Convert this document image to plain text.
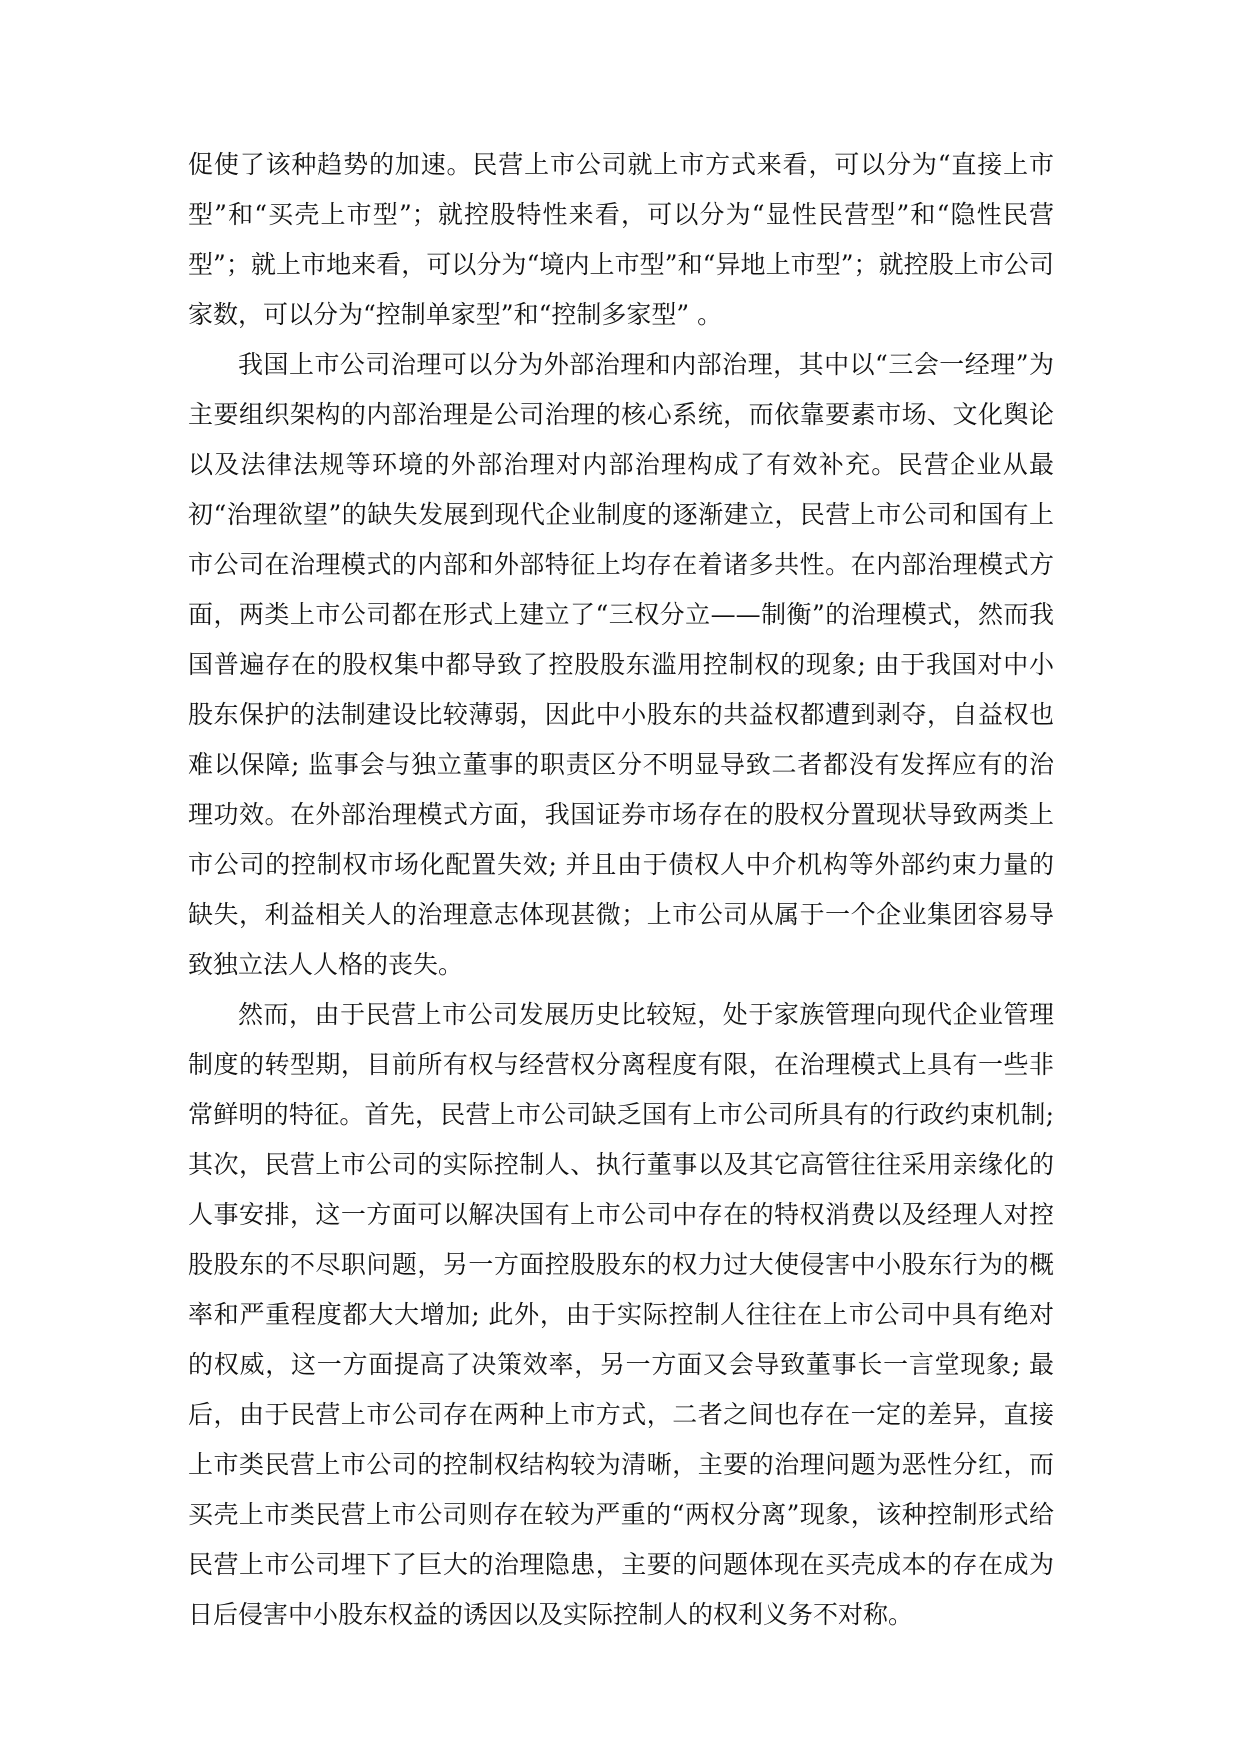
促使了该种趋势的加速。民营上市公司就上市方式来看，可以分为“直接上市型”和“买壳上市型”；就控股特性来看，可以分为“显性民营型”和“隐性民营型”；就上市地来看，可以分为“境内上市型”和“异地上市型”；就控股上市公司家数，可以分为“控制单家型”和“控制多家型” 。

我国上市公司治理可以分为外部治理和内部治理，其中以“三会一经理”为主要组织架构的内部治理是公司治理的核心系统，而依靠要素市场、文化舆论以及法律法规等环境的外部治理对内部治理构成了有效补充。民营企业从最初“治理欲望”的缺失发展到现代企业制度的逐渐建立，民营上市公司和国有上市公司在治理模式的内部和外部特征上均存在着诸多共性。在内部治理模式方面，两类上市公司都在形式上建立了“三权分立——制衡”的治理模式，然而我国普遍存在的股权集中都导致了控股股东滥用控制权的现象; 由于我国对中小股东保护的法制建设比较薄弱，因此中小股东的共益权都遭到剥夺，自益权也难以保障; 监事会与独立董事的职责区分不明显导致二者都没有发挥应有的治理功效。在外部治理模式方面，我国证券市场存在的股权分置现状导致两类上市公司的控制权市场化配置失效; 并且由于债权人中介机构等外部约束力量的缺失，利益相关人的治理意志体现甚微；上市公司从属于一个企业集团容易导致独立法人人格的丧失。

然而，由于民营上市公司发展历史比较短，处于家族管理向现代企业管理制度的转型期，目前所有权与经营权分离程度有限，在治理模式上具有一些非常鲜明的特征。首先，民营上市公司缺乏国有上市公司所具有的行政约束机制; 其次，民营上市公司的实际控制人、执行董事以及其它高管往往采用亲缘化的人事安排，这一方面可以解决国有上市公司中存在的特权消费以及经理人对控股股东的不尽职问题，另一方面控股股东的权力过大使侵害中小股东行为的概率和严重程度都大大增加; 此外，由于实际控制人往往在上市公司中具有绝对的权威，这一方面提高了决策效率，另一方面又会导致董事长一言堂现象; 最后，由于民营上市公司存在两种上市方式，二者之间也存在一定的差异，直接上市类民营上市公司的控制权结构较为清晰，主要的治理问题为恶性分红，而买壳上市类民营上市公司则存在较为严重的“两权分离”现象，该种控制形式给民营上市公司埋下了巨大的治理隐患，主要的问题体现在买壳成本的存在成为日后侵害中小股东权益的诱因以及实际控制人的权利义务不对称。
